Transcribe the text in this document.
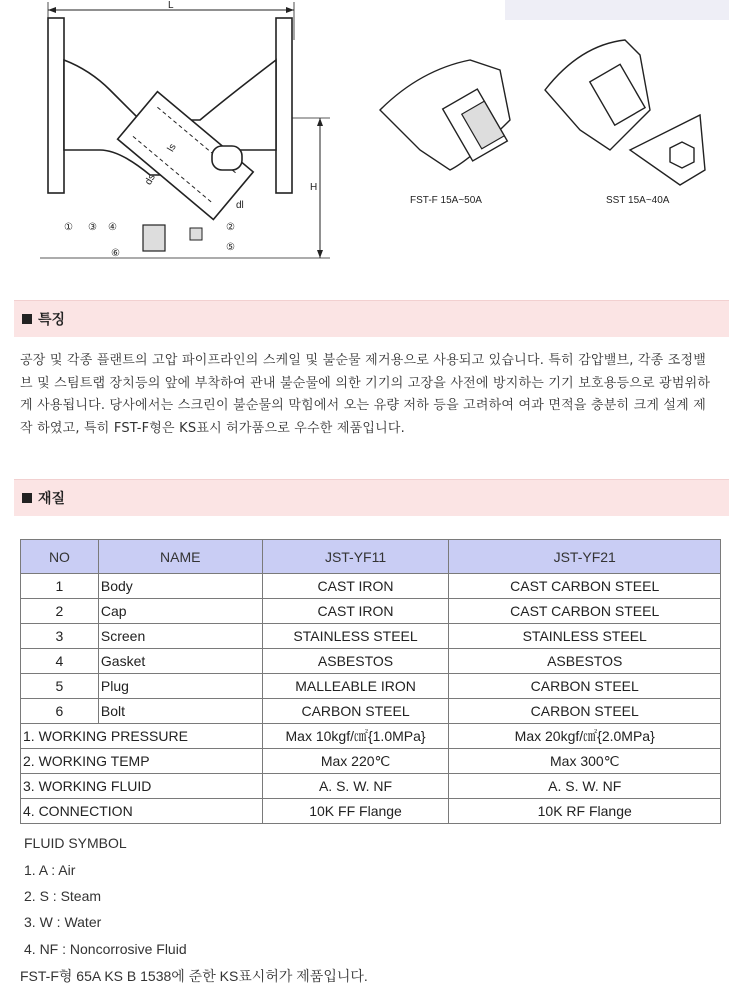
L
ls
ds
dl
H
① ③ ④	②
⑤
⑥
FST-F 15A~50A	SST 15A~40A
특징
공장 및 각종 플랜트의 고압 파이프라인의 스케일 및 불순물 제거용으로 사용되고 있습니다. 특히 감압밸브, 각종 조정밸브 및 스팀트랩 장치등의 앞에 부착하여 관내 불순물에 의한 기기의 고장을 사전에 방지하는 기기 보호용등으로 광범위하게 사용됩니다. 당사에서는 스크린이 불순물의 막힘에서 오는 유량 저하 등을 고려하여 여과 면적을 충분히 크게 설계 제작 하였고, 특히 FST-F형은 KS표시 허가품으로 우수한 제품입니다.
재질
NO	NAME	JST-YF11	JST-YF21
1	Body	CAST IRON	CAST CARBON STEEL
2	Cap	CAST IRON	CAST CARBON STEEL
3	Screen	STAINLESS STEEL	STAINLESS STEEL
4	Gasket	ASBESTOS	ASBESTOS
5	Plug	MALLEABLE IRON	CARBON STEEL
6	Bolt	CARBON STEEL	CARBON STEEL
1. WORKING PRESSURE		Max 10kgf/㎠{1.0MPa}	Max 20kgf/㎠{2.0MPa}
2. WORKING TEMP		Max 220℃	Max 300℃
3. WORKING FLUID		A. S. W. NF	A. S. W. NF
4. CONNECTION		10K FF Flange	10K RF Flange
FLUID SYMBOL
1. A : Air
2. S : Steam
3. W : Water
4. NF : Noncorrosive Fluid
FST-F형 65A KS B 1538에 준한 KS표시허가 제품입니다.
